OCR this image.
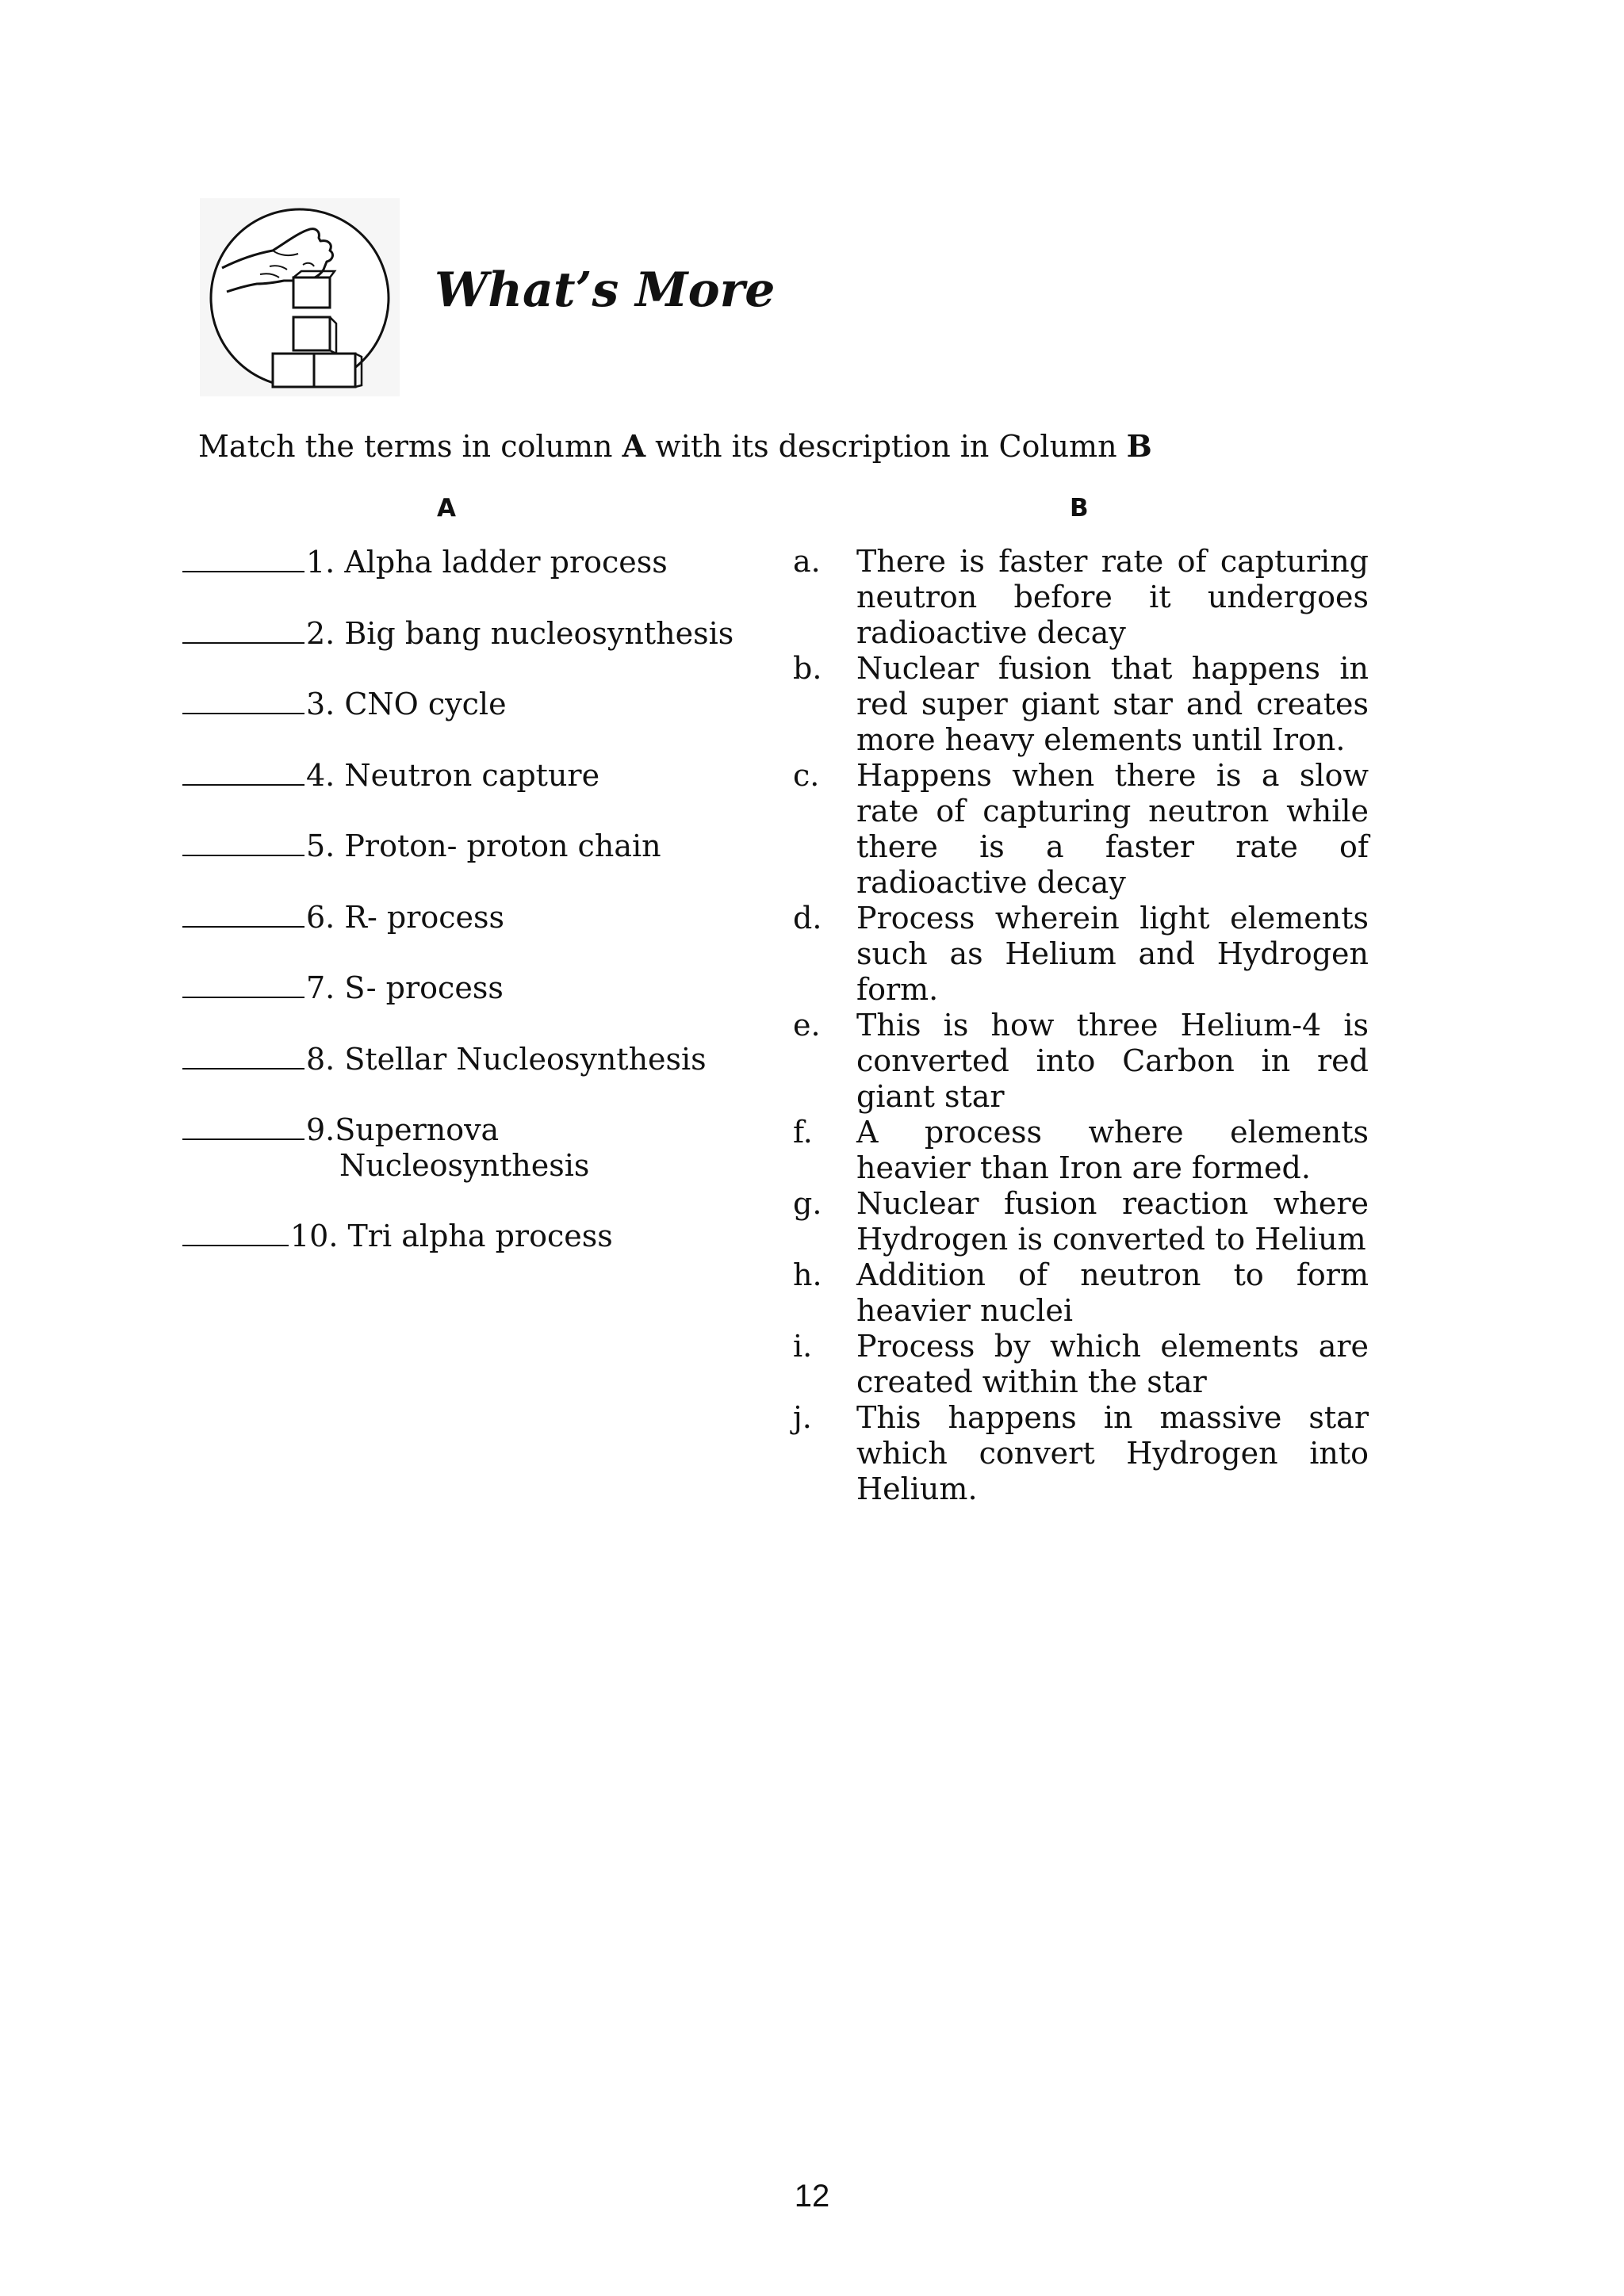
What’s More
Match the terms in column A with its description in Column B
A	B
1. Alpha ladder process
2. Big bang nucleosynthesis
3. CNO cycle
4. Neutron capture
5. Proton- proton chain
6. R- process
7. S- process
8. Stellar Nucleosynthesis
9.Supernova
Nucleosynthesis
10. Tri alpha process
a.	There is faster rate of capturing neutron before it undergoes radioactive decay
b.	Nuclear fusion that happens in red super giant star and creates more heavy elements until Iron.
c.	Happens when there is a slow rate of capturing neutron while there is a faster rate of radioactive decay
d.	Process wherein light elements such as Helium and Hydrogen form.
e.	This is how three Helium-4 is converted into Carbon in red giant star
f.	A process where elements heavier than Iron are formed.
g.	Nuclear fusion reaction where Hydrogen is converted to Helium
h.	Addition of neutron to form heavier nuclei
i.	Process by which elements are created within the star
j.	This happens in massive star which convert Hydrogen into Helium.
12
